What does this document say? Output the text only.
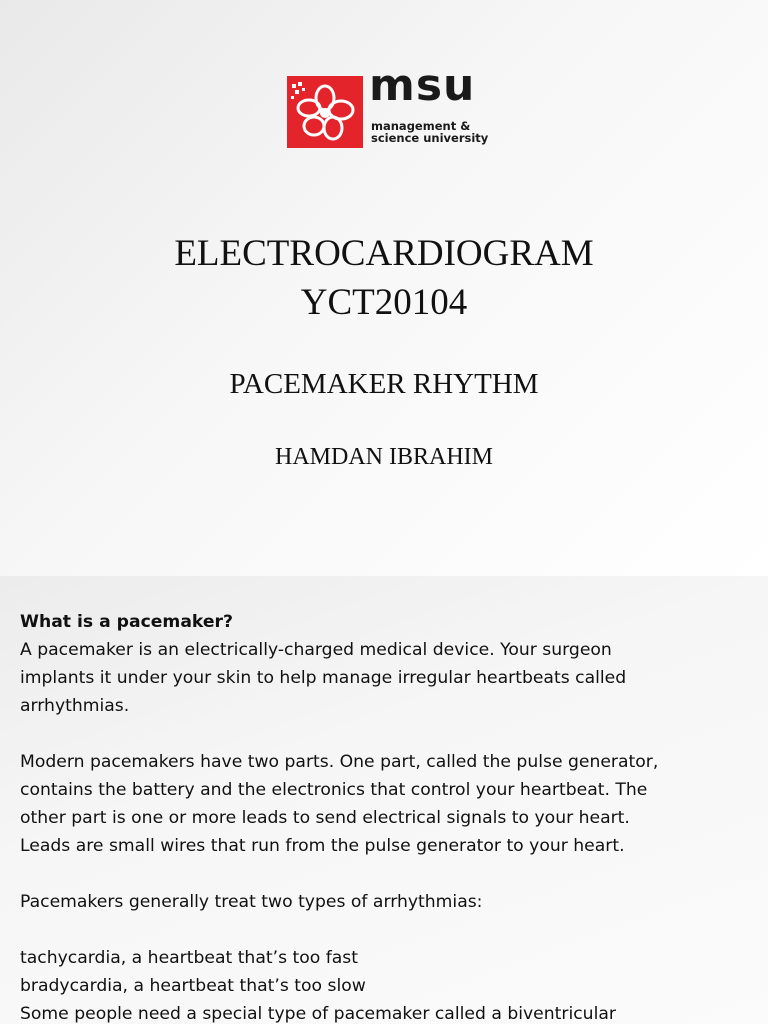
msu
management &
science university
ELECTROCARDIOGRAM
YCT20104
PACEMAKER RHYTHM
HAMDAN IBRAHIM

What is a pacemaker?

A pacemaker is an electrically-charged medical device. Your surgeon

implants it under your skin to help manage irregular heartbeats called

arrhythmias.

Modern pacemakers have two parts. One part, called the pulse generator,

contains the battery and the electronics that control your heartbeat. The

other part is one or more leads to send electrical signals to your heart.

Leads are small wires that run from the pulse generator to your heart.

Pacemakers generally treat two types of arrhythmias:

tachycardia, a heartbeat that’s too fast

bradycardia, a heartbeat that’s too slow

Some people need a special type of pacemaker called a biventricular
